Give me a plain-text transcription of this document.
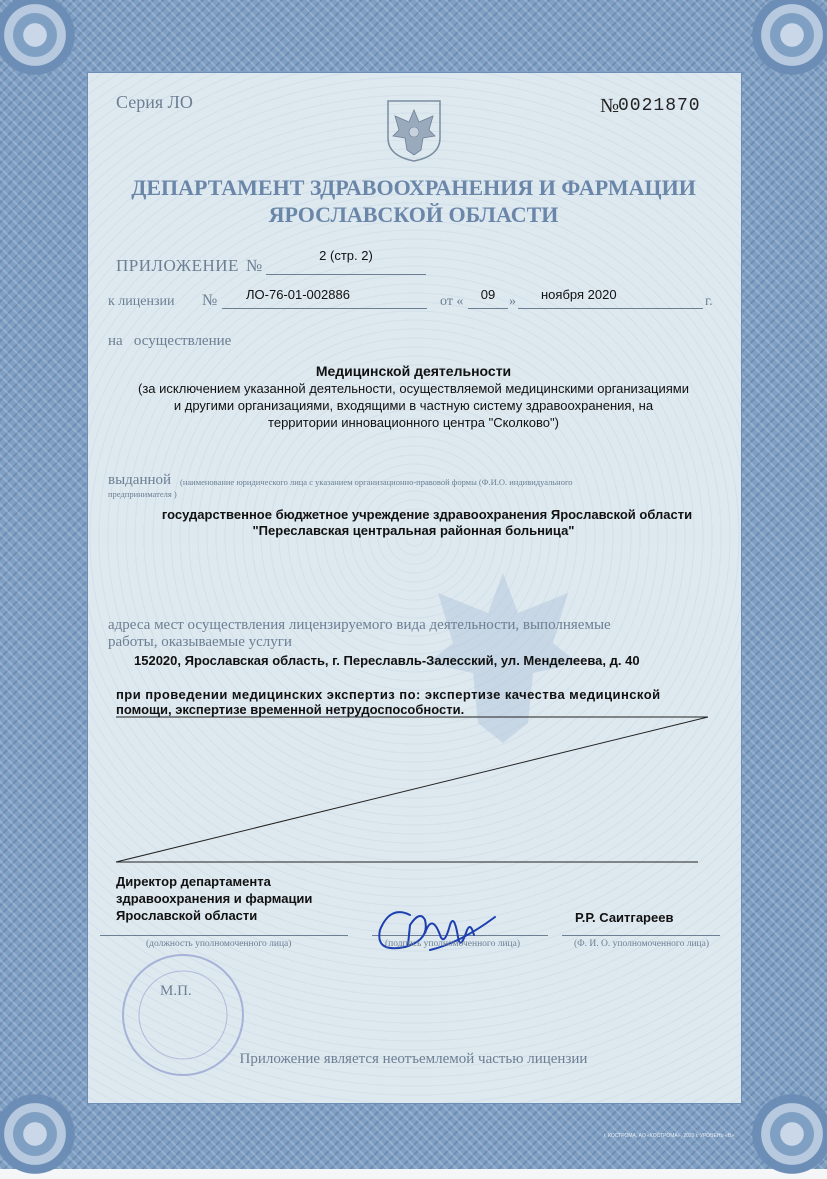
Серия ЛО	№
0021870
ДЕПАРТАМЕНТ ЗДРАВООХРАНЕНИЯ И ФАРМАЦИИ
ЯРОСЛАВСКОЙ ОБЛАСТИ
ПРИЛОЖЕНИЕ №
2 (стр. 2)
к лицензии № ЛО-76-01-002886	от «	09 » ноября 2020	г.
на   осуществление
Медицинской деятельности
(за исключением указанной деятельности, осуществляемой медицинскими организациями
и другими организациями, входящими в частную систему здравоохранения, на
территории инновационного центра "Сколково")
выданной (наименование юридического лица с указанием организационно-правовой формы (Ф.И.О. индивидуального
предпринимателя )
государственное бюджетное учреждение здравоохранения Ярославской области
"Переславская центральная районная больница"
адреса мест осуществления лицензируемого вида деятельности, выполняемые
работы, оказываемые услуги
152020, Ярославская область, г. Переславль-Залесский, ул. Менделеева, д. 40
при проведении медицинских экспертиз по: экспертизе качества медицинской
помощи, экспертизе временной нетрудоспособности.
Директор департамента
здравоохранения и фармации
Ярославской области	Р.Р. Саитгареев
(должность уполномоченного лица)	(подпись уполномоченного лица)	(Ф. И. О. уполномоченного лица)
М.П.
Приложение является неотъемлемой частью лицензии
г. КОСТРОМА, АО «КОСТРОМА», 2020 г. УРОВЕНЬ «В»
